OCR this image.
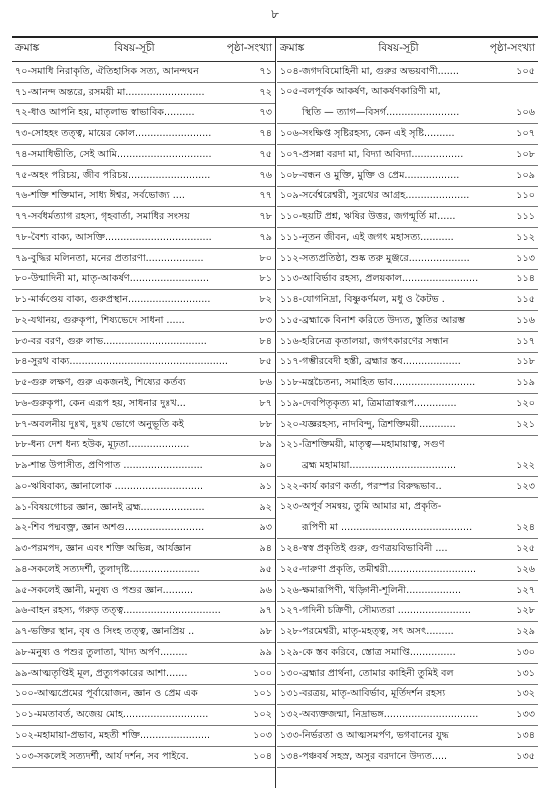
৮
ক্রমাঙ্ক	বিষয়-সূচী	পৃষ্ঠা-সংখ্যা
৭০-সমাধি নিরাকৃতি, ঐতিহাসিক সত্য, আনন্দঘন	৭১
৭১-আনন্দ অন্তরে, রসময়ী মা..........................	৭২
৭২-ধাও আপনি হয়, মাতৃলাভ স্বাভাবিক..........	৭৩
৭৩-সোহহং তত্ত্ব, মায়ের কোল.........................	৭৪
৭৪-সমাধিভীতি, সেই আমি...............................	৭৫
৭৫-অহং পরিচয়, জীব পরিচয়...........................	৭৬
৭৬-শক্তি শক্তিমান, সাধ্য ঈশ্বর, সর্বভোজ্য ....	৭৭
৭৭-সর্বধর্মত্যাগ রহস্য, গৃহবার্তা, সমাধির সংসয়	৭৮
৭৮-বৈশ্য বাক্য, আসক্তি...................................	৭৯
৭৯-বুদ্ধির মলিনতা, মনের প্রতারণা...................	৮০
৮০-উন্মাদিনী মা, মাতৃ-আকর্ষণ..........................	৮১
৮১-মার্কণ্ডেয় বাক্য, গুরুপ্রস্থান...........................	৮২
৮২-যথানয়, গুরুকৃপা, শিষ্যভেদে সাধনা ......	৮৩
৮৩-বর বরণ, গুরু লাভ..................................	৮৪
৮৪-সুরথ বাক্য....................................................	৮৫
৮৫-গুরু লক্ষণ, গুরু একজনই, শিষ্যের কর্তব্য	৮৬
৮৬-গুরুকৃপা, কেন এরূপ হয়, সাধনার দুঃখ...	৮৭
৮৭-অবলনীয় দুঃখ, দুঃখ ভোগে অনুভূতি কই	৮৮
৮৮-ধন্য দেশ ধন্য হউক, মূঢ়তা....................	৮৯
৮৯-শান্ত উপাসীত, প্রণিপাত ..........................	৯০
৯০-ঋষিবাক্য, জ্ঞানালোক .............................	৯১
৯১-বিষয়গোচর জ্ঞান, জ্ঞানই ব্রহ্ম.....................	৯২
৯২-শিব পদ্মবক্ত্র, জ্ঞান অশগু..........................	৯৩
৯৩-পরমপদ, জ্ঞান এবং শক্তি অভিন্ন, আর্যজ্ঞান	৯৪
৯৪-সকলেই সত্যদর্শী, তুলাদৃষ্টি.......................	৯৫
৯৫-সকলেই জ্ঞানী, মনুষ্য ও পশুর জ্ঞান..........	৯৬
৯৬-বাহন রহস্য, গরুড় তত্ত্ব................................	৯৭
৯৭-ভক্তির স্থান, বৃষ ও সিংহ তত্ত্ব, জ্ঞানপ্রিয় ..	৯৮
৯৮-মনুষ্য ও পশুর তুলাতা, খাদ্য অর্পণ.........	৯৯
৯৯-আত্মতৃপ্তিই মূল, প্রত্যুপকারের আশা.......	১০০
১০০-আত্মপ্রেমের পূর্বায়োজন, জ্ঞান ও প্রেম এক	১০১
১০১-মমতাবর্ত, অজেয় মোহ............................	১০২
১০২-মহামায়া-প্রভাব, মহতী শক্তি.......................	১০৩
১০৩-সকলেই সত্যদর্শী, আর্য দর্শন, সব পাইবে.	১০৪
ক্রমাঙ্ক	বিষয়-সূচী	পৃষ্ঠা-সংখ্যা
১০৪-জগদবিমোহিনী মা, গুরুর অভয়বাণী.......	১০৫
১০৫-বলপূর্বক আকর্ষণ, আকর্ষণকারিণী মা,
স্থিতি — ত্যাগ—বিসর্গ........................	১০৬
১০৬-সংক্ষিপ্ত সৃষ্টিরহস্য, কেন এই সৃষ্টি..........	১০৭
১০৭-প্রসন্না বরদা মা, বিদ্যা অবিদ্যা.................	১০৮
১০৮-বন্ধন ও মুক্তি, মুক্তি ও প্রেম..................	১০৯
১০৯-সর্বেশ্বরেশ্বরী, সুরথের আগ্রহ.....................	১১০
১১০-ছয়টি প্রশ্ন, ঋষির উত্তর, জগন্মূর্তি মা......	১১১
১১১-নূতন জীবন, এই জগৎ মহাসত্য...........	১১২
১১২-সত্যপ্রতিষ্ঠা, শুষ্ক তরু মুঞ্জরে....................	১১৩
১১৩-আবির্ভাব রহস্য, প্রলয়কাল.........................	১১৪
১১৪-যোগনিদ্রা, বিষ্ণুকর্ণমল, মধু ও কৈটভ .	১১৫
১১৫-ব্রহ্মাকে বিনাশ করিতে উদ্যত, স্তুতির আরম্ভ	১১৬
১১৬-হরিনেত্র কৃতালয়া, জগৎকারণের সন্ধান	১১৭
১১৭-গম্ভীরবেদী হস্তী, ব্রহ্মার স্তব...................	১১৮
১১৮-মন্ত্রচৈতন্য, সমাহিত ভাব...........................	১১৯
১১৯-দেবপিতৃকৃত্য মা, ত্রিমাত্রাস্বরূপ..............	১২০
১২০-যজ্ঞরহস্য, নাদবিন্দু, ত্রিশক্তিময়ী............	১২১
১২১-ত্রিশক্তিময়ী, মাতৃত্ব—মহামায়াত্ব, সগুণ
ব্রহ্ম মহামায়া...................................	১২২
১২২-কার্য কারণ কর্তা, পরস্পর বিরুদ্ধভাব..	১২৩
১২৩-অপূর্ব সমন্বয়, তুমি আমার মা, প্রকৃতি-
রূপিণী মা ...........................................	১২৪
১২৪-স্বস্ব প্রকৃতিই গুরু, গুণত্রয়বিভাবিনী ....	১২৫
১২৫-দারুণা প্রকৃতি, তমীশ্বরী.............................	১২৬
১২৬-ক্ষমারূপিণী, খড়্গিনী-শূলিনী..................	১২৭
১২৭-গদিনী চক্রিণী, সৌম্যতরা ........................	১২৮
১২৮-পরমেশ্বরী, মাতৃ-মহত্ত্ব, সৎ অসৎ.........	১২৯
১২৯-কে স্তব করিবে, স্তোত্র সমাপ্তি...............	১৩০
১৩০-ব্রহ্মার প্রার্থনা, তোমার কাহিনী তুমিই বল	১৩১
১৩১-বরত্রয়, মাতৃ-আবির্ভাব, মূর্তিদর্শন রহস্য	১৩২
১৩২-অব্যক্তজন্মা, নিদ্রাভঙ্গ...............................	১৩৩
১৩৩-নির্ভরতা ও আত্মসমর্পণ, ভগবানের যুদ্ধ	১৩৪
১৩৪-পঞ্চবর্ষ সহস্র, অসুর বরদানে উদ্যত.....	১৩৫
